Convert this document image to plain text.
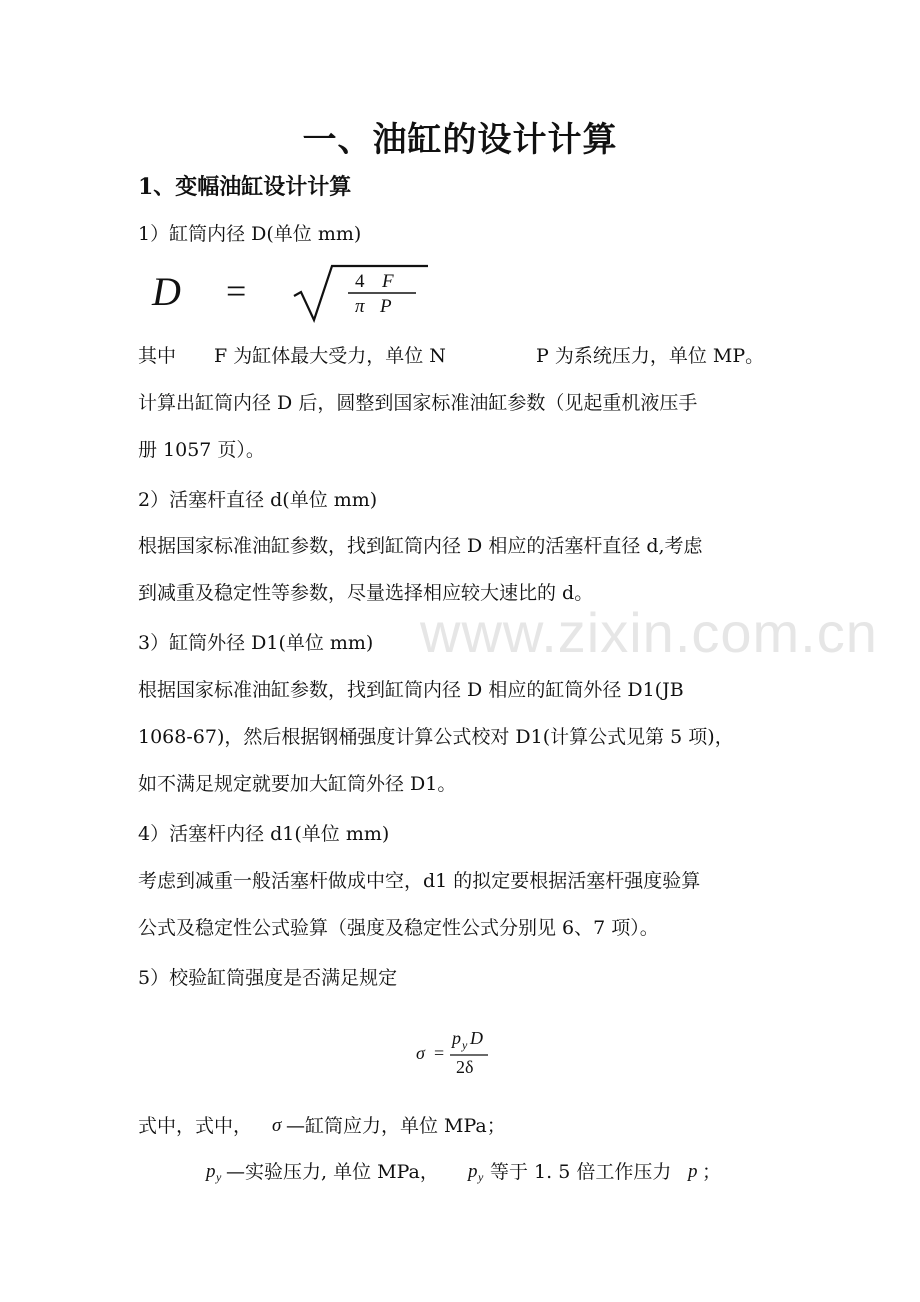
www.zixin.com.cn
一、油缸的设计计算
1、变幅油缸设计计算
1）缸筒内径 D(单位 mm)
D =	4 F
π P
其中 F 为缸体最大受力，单位 N	P 为系统压力，单位 MP。
计算出缸筒内径 D 后，圆整到国家标准油缸参数（见起重机液压手
册 1057 页）。
2）活塞杆直径 d(单位 mm)
根据国家标准油缸参数，找到缸筒内径 D 相应的活塞杆直径 d,考虑
到减重及稳定性等参数，尽量选择相应较大速比的 d。
3）缸筒外径 D1(单位 mm)
根据国家标准油缸参数，找到缸筒内径 D 相应的缸筒外径 D1(JB
1068-67)，然后根据钢桶强度计算公式校对 D1(计算公式见第 5 项)，
如不满足规定就要加大缸筒外径 D1。
4）活塞杆内径 d1(单位 mm)
考虑到减重一般活塞杆做成中空，d1 的拟定要根据活塞杆强度验算
公式及稳定性公式验算（强度及稳定性公式分别见 6、7 项）。
5）校验缸筒强度是否满足规定
σ =
p y D
2δ
式中，式中， σ —缸筒应力，单位 MPa；
p y —实验压力, 单位 MPa， p y 等于 1. 5 倍工作压力 p ；
